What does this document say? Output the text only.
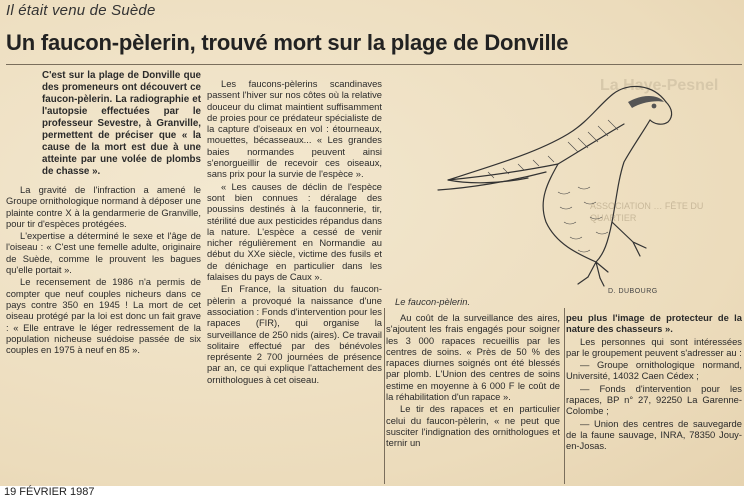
La Haye-Pesnel
ASSOCIATION … FÊTE DU QUARTIER
Il était venu de Suède
Un faucon-pèlerin, trouvé mort sur la plage de Donville

C'est sur la plage de Donville que des promeneurs ont découvert ce faucon-pèlerin. La radiographie et l'autopsie effectuées par le professeur Sevestre, à Granville, permettent de préciser que « la cause de la mort est due à une atteinte par une volée de plombs de chasse ».

La gravité de l'infraction a amené le Groupe ornithologique normand à déposer une plainte contre X à la gendarmerie de Granville, pour tir d'espèces protégées.

L'expertise a déterminé le sexe et l'âge de l'oiseau : « C'est une femelle adulte, originaire de Suède, comme le prouvent les bagues qu'elle portait ».

Le recensement de 1986 n'a permis de compter que neuf couples nicheurs dans ce pays contre 350 en 1945 ! La mort de cet oiseau protégé par la loi est donc un fait grave : « Elle entrave le léger redressement de la population nicheuse suédoise passée de six couples en 1975 à neuf en 85 ».

Les faucons-pèlerins scandinaves passent l'hiver sur nos côtes où la relative douceur du climat maintient suffisamment de proies pour ce prédateur spécialiste de la capture d'oiseaux en vol : étourneaux, mouettes, bécasseaux... « Les grandes baies normandes peuvent ainsi s'enorgueillir de recevoir ces oiseaux, sans prix pour la survie de l'espèce ».

« Les causes de déclin de l'espèce sont bien connues : déralage des poussins destinés à la fauconnerie, tir, stérilité due aux pesticides répandus dans la nature. L'espèce a cessé de venir nicher régulièrement en Normandie au début du XXe siècle, victime des fusils et de dénichage en particulier dans les falaises du pays de Caux ».

En France, la situation du faucon-pèlerin a provoqué la naissance d'une association : Fonds d'intervention pour les rapaces (FIR), qui organise la surveillance de 250 nids (aires). Ce travail solitaire effectué par des bénévoles représente 2 700 journées de présence par an, ce qui explique l'attachement des ornithologues à cet oiseau.

D. DUBOURG
Le faucon-pèlerin.

Au coût de la surveillance des aires, s'ajoutent les frais engagés pour soigner les 3 000 rapaces recueillis par les centres de soins. « Près de 50 % des rapaces diurnes soignés ont été blessés par plomb. L'Union des centres de soins estime en moyenne à 6 000 F le coût de la réhabilitation d'un rapace ».

Le tir des rapaces et en particulier celui du faucon-pèlerin, « ne peut que susciter l'indignation des ornithologues et ternir un

peu plus l'image de protecteur de la nature des chasseurs ».

Les personnes qui sont intéressées par le groupement peuvent s'adresser au :

— Groupe ornithologique normand, Université, 14032 Caen Cédex ;

— Fonds d'intervention pour les rapaces, BP n° 27, 92250 La Garenne-Colombe ;

— Union des centres de sauvegarde de la faune sauvage, INRA, 78350 Jouy-en-Josas.

19 FÉVRIER 1987
